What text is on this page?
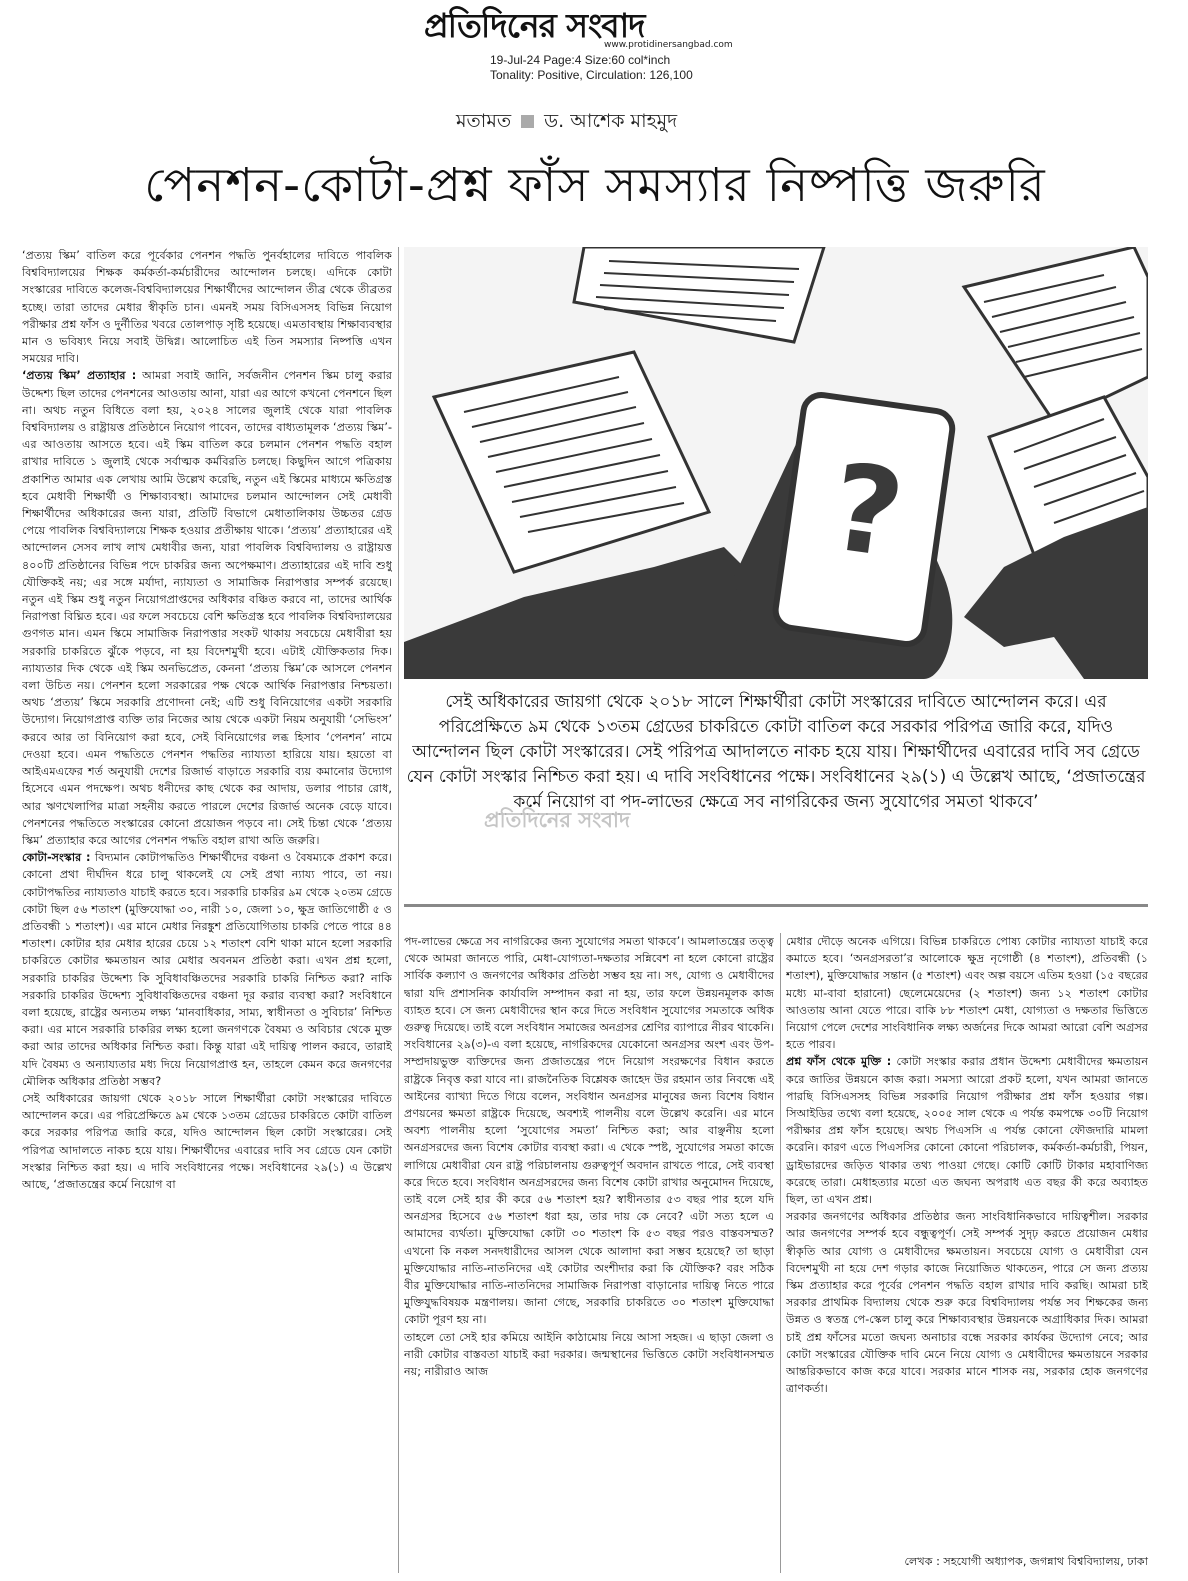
প্রতিদিনের সংবাদ
www.protidinersangbad.com
19-Jul-24 Page:4 Size:60 col*inch
Tonality: Positive, Circulation: 126,100
মতামত ড. আশেক মাহমুদ
পেনশন-কোটা-প্রশ্ন ফাঁস সমস্যার নিষ্পত্তি জরুরি

‘প্রত্যয় স্কিম’ বাতিল করে পূর্বেকার পেনশন পদ্ধতি পুনর্বহালের দাবিতে পাবলিক বিশ্ববিদ্যালয়ের শিক্ষক কর্মকর্তা-কর্মচারীদের আন্দোলন চলছে। এদিকে কোটা সংস্কারের দাবিতে কলেজ-বিশ্ববিদ্যালয়ের শিক্ষার্থীদের আন্দোলন তীব্র থেকে তীব্রতর হচ্ছে। তারা তাদের মেধার স্বীকৃতি চান। এমনই সময় বিসিএসসহ বিভিন্ন নিয়োগ পরীক্ষার প্রশ্ন ফাঁস ও দুর্নীতির খবরে তোলপাড় সৃষ্টি হয়েছে। এমতাবস্থায় শিক্ষাব্যবস্থার মান ও ভবিষ্যৎ নিয়ে সবাই উদ্বিগ্ন। আলোচিত এই তিন সমস্যার নিষ্পত্তি এখন সময়ের দাবি।

‘প্রত্যয় স্কিম’ প্রত্যাহার : আমরা সবাই জানি, সর্বজনীন পেনশন স্কিম চালু করার উদ্দেশ্য ছিল তাদের পেনশনের আওতায় আনা, যারা এর আগে কখনো পেনশনে ছিল না। অথচ নতুন বিধিতে বলা হয়, ২০২৪ সালের জুলাই থেকে যারা পাবলিক বিশ্ববিদ্যালয় ও রাষ্ট্রায়ত্ত প্রতিষ্ঠানে নিয়োগ পাবেন, তাদের বাধ্যতামূলক ‘প্রত্যয় স্কিম’-এর আওতায় আসতে হবে। এই স্কিম বাতিল করে চলমান পেনশন পদ্ধতি বহাল রাখার দাবিতে ১ জুলাই থেকে সর্বাত্মক কর্মবিরতি চলছে। কিছুদিন আগে পত্রিকায় প্রকাশিত আমার এক লেখায় আমি উল্লেখ করেছি, নতুন এই স্কিমের মাধ্যমে ক্ষতিগ্রস্ত হবে মেধাবী শিক্ষার্থী ও শিক্ষাব্যবস্থা। আমাদের চলমান আন্দোলন সেই মেধাবী শিক্ষার্থীদের অধিকারের জন্য যারা, প্রতিটি বিভাগে মেধাতালিকায় উচ্চতর গ্রেড পেয়ে পাবলিক বিশ্ববিদ্যালয়ে শিক্ষক হওয়ার প্রতীক্ষায় থাকে। ‘প্রত্যয়’ প্রত্যাহারের এই আন্দোলন সেসব লাখ লাখ মেধাবীর জন্য, যারা পাবলিক বিশ্ববিদ্যালয় ও রাষ্ট্রায়ত্ত ৪০০টি প্রতিষ্ঠানের বিভিন্ন পদে চাকরির জন্য অপেক্ষমাণ। প্রত্যাহারের এই দাবি শুধু যৌক্তিকই নয়; এর সঙ্গে মর্যাদা, ন্যায্যতা ও সামাজিক নিরাপত্তার সম্পর্ক রয়েছে। নতুন এই স্কিম শুধু নতুন নিয়োগপ্রাপ্তদের অধিকার বঞ্চিত করবে না, তাদের আর্থিক নিরাপত্তা বিঘ্নিত হবে। এর ফলে সবচেয়ে বেশি ক্ষতিগ্রস্ত হবে পাবলিক বিশ্ববিদ্যালয়ের গুণগত মান। এমন স্কিমে সামাজিক নিরাপত্তার সংকট থাকায় সবচেয়ে মেধাবীরা হয় সরকারি চাকরিতে ঝুঁকে পড়বে, না হয় বিদেশমুখী হবে। এটাই যৌক্তিকতার দিক। ন্যায্যতার দিক থেকে এই স্কিম অনভিপ্রেত, কেননা ‘প্রত্যয় স্কিম’কে আসলে পেনশন বলা উচিত নয়। পেনশন হলো সরকারের পক্ষ থেকে আর্থিক নিরাপত্তার নিশ্চয়তা। অথচ ‘প্রত্যয়’ স্কিমে সরকারি প্রণোদনা নেই; এটি শুধু বিনিয়োগের একটা সরকারি উদ্যোগ। নিয়োগপ্রাপ্ত ব্যক্তি তার নিজের আয় থেকে একটা নিয়ম অনুযায়ী ‘সেভিংস’ করবে আর তা বিনিয়োগ করা হবে, সেই বিনিয়োগের লব্ধ হিসাব ‘পেনশন’ নামে দেওয়া হবে। এমন পদ্ধতিতে পেনশন পদ্ধতির ন্যায্যতা হারিয়ে যায়। হয়তো বা আইএমএফের শর্ত অনুযায়ী দেশের রিজার্ভ বাড়াতে সরকারি ব্যয় কমানোর উদ্যোগ হিসেবে এমন পদক্ষেপ। অথচ ধনীদের কাছ থেকে কর আদায়, ডলার পাচার রোধ, আর ঋণখেলাপির মাত্রা সহনীয় করতে পারলে দেশের রিজার্ভ অনেক বেড়ে যাবে। পেনশনের পদ্ধতিতে সংস্কারের কোনো প্রয়োজন পড়বে না। সেই চিন্তা থেকে ‘প্রত্যয় স্কিম’ প্রত্যাহার করে আগের পেনশন পদ্ধতি বহাল রাখা অতি জরুরি।

কোটা-সংস্কার : বিদ্যমান কোটাপদ্ধতিও শিক্ষার্থীদের বঞ্চনা ও বৈষম্যকে প্রকাশ করে। কোনো প্রথা দীর্ঘদিন ধরে চালু থাকলেই যে সেই প্রথা ন্যায্য পাবে, তা নয়। কোটাপদ্ধতির ন্যায্যতাও যাচাই করতে হবে। সরকারি চাকরির ৯ম থেকে ২০তম গ্রেডে কোটা ছিল ৫৬ শতাংশ (মুক্তিযোদ্ধা ৩০, নারী ১০, জেলা ১০, ক্ষুদ্র জাতিগোষ্ঠী ৫ ও প্রতিবন্ধী ১ শতাংশ)। এর মানে মেধার নিরঙ্কুশ প্রতিযোগিতায় চাকরি পেতে পারে ৪৪ শতাংশ। কোটার হার মেধার হারের চেয়ে ১২ শতাংশ বেশি থাকা মানে হলো সরকারি চাকরিতে কোটার ক্ষমতায়ন আর মেধার অবনমন প্রতিষ্ঠা করা। এখন প্রশ্ন হলো, সরকারি চাকরির উদ্দেশ্য কি সুবিধাবঞ্চিতদের সরকারি চাকরি নিশ্চিত করা? নাকি সরকারি চাকরির উদ্দেশ্য সুবিধাবঞ্চিতদের বঞ্চনা দূর করার ব্যবস্থা করা? সংবিধানে বলা হয়েছে, রাষ্ট্রের অন্যতম লক্ষ্য ‘মানবাধিকার, সাম্য, স্বাধীনতা ও সুবিচার’ নিশ্চিত করা। এর মানে সরকারি চাকরির লক্ষ্য হলো জনগণকে বৈষম্য ও অবিচার থেকে মুক্ত করা আর তাদের অধিকার নিশ্চিত করা। কিন্তু যারা এই দায়িত্ব পালন করবে, তারাই যদি বৈষম্য ও অন্যায্যতার মধ্য দিয়ে নিয়োগপ্রাপ্ত হন, তাহলে কেমন করে জনগণের মৌলিক অধিকার প্রতিষ্ঠা সম্ভব?

সেই অধিকারের জায়গা থেকে ২০১৮ সালে শিক্ষার্থীরা কোটা সংস্কারের দাবিতে আন্দোলন করে। এর পরিপ্রেক্ষিতে ৯ম থেকে ১৩তম গ্রেডের চাকরিতে কোটা বাতিল করে সরকার পরিপত্র জারি করে, যদিও আন্দোলন ছিল কোটা সংস্কারের। সেই পরিপত্র আদালতে নাকচ হয়ে যায়। শিক্ষার্থীদের এবারের দাবি সব গ্রেডে যেন কোটা সংস্কার নিশ্চিত করা হয়। এ দাবি সংবিধানের পক্ষে। সংবিধানের ২৯(১) এ উল্লেখ আছে, ‘প্রজাতন্ত্রের কর্মে নিয়োগ বা

?
সেই অধিকারের জায়গা থেকে ২০১৮ সালে শিক্ষার্থীরা কোটা সংস্কারের দাবিতে আন্দোলন করে। এর পরিপ্রেক্ষিতে ৯ম থেকে ১৩তম গ্রেডের চাকরিতে কোটা বাতিল করে সরকার পরিপত্র জারি করে, যদিও আন্দোলন ছিল কোটা সংস্কারের। সেই পরিপত্র আদালতে নাকচ হয়ে যায়। শিক্ষার্থীদের এবারের দাবি সব গ্রেডে যেন কোটা সংস্কার নিশ্চিত করা হয়। এ দাবি সংবিধানের পক্ষে। সংবিধানের ২৯(১) এ উল্লেখ আছে, ‘প্রজাতন্ত্রের কর্মে নিয়োগ বা পদ-লাভের ক্ষেত্রে সব নাগরিকের জন্য সুযোগের সমতা থাকবে’
প্রতিদিনের সংবাদ

পদ-লাভের ক্ষেত্রে সব নাগরিকের জন্য সুযোগের সমতা থাকবে’। আমলাতন্ত্রের তত্ত্ব থেকে আমরা জানতে পারি, মেধা-যোগ্যতা-দক্ষতার সন্নিবেশ না হলে কোনো রাষ্ট্রের সার্বিক কল্যাণ ও জনগণের অধিকার প্রতিষ্ঠা সম্ভব হয় না। সৎ, যোগ্য ও মেধাবীদের দ্বারা যদি প্রশাসনিক কার্যাবলি সম্পাদন করা না হয়, তার ফলে উন্নয়নমূলক কাজ ব্যাহত হবে। সে জন্য মেধাবীদের স্থান করে দিতে সংবিধান সুযোগের সমতাকে অধিক গুরুত্ব দিয়েছে। তাই বলে সংবিধান সমাজের অনগ্রসর শ্রেণির ব্যাপারে নীরব থাকেনি। সংবিধানের ২৯(৩)-এ বলা হয়েছে, নাগরিকদের যেকোনো অনগ্রসর অংশ এবং উপ-সম্প্রদায়ভুক্ত ব্যক্তিদের জন্য প্রজাতন্ত্রের পদে নিয়োগ সংরক্ষণের বিধান করতে রাষ্ট্রকে নিবৃত্ত করা যাবে না। রাজনৈতিক বিশ্লেষক জাহেদ উর রহমান তার নিবন্ধে এই আইনের ব্যাখ্যা দিতে গিয়ে বলেন, সংবিধান অনগ্রসর মানুষের জন্য বিশেষ বিধান প্রণয়নের ক্ষমতা রাষ্ট্রকে দিয়েছে, অবশ্যই পালনীয় বলে উল্লেখ করেনি। এর মানে অবশ্য পালনীয় হলো ‘সুযোগের সমতা’ নিশ্চিত করা; আর বাঞ্ছনীয় হলো অনগ্রসরদের জন্য বিশেষ কোটার ব্যবস্থা করা। এ থেকে স্পষ্ট, সুযোগের সমতা কাজে লাগিয়ে মেধাবীরা যেন রাষ্ট্র পরিচালনায় গুরুত্বপূর্ণ অবদান রাখতে পারে, সেই ব্যবস্থা করে দিতে হবে। সংবিধান অনগ্রসরদের জন্য বিশেষ কোটা রাখার অনুমোদন দিয়েছে, তাই বলে সেই হার কী করে ৫৬ শতাংশ হয়? স্বাধীনতার ৫৩ বছর পার হলে যদি অনগ্রসর হিসেবে ৫৬ শতাংশ ধরা হয়, তার দায় কে নেবে? এটা সত্য হলে এ আমাদের ব্যর্থতা। মুক্তিযোদ্ধা কোটা ৩০ শতাংশ কি ৫৩ বছর পরও বাস্তবসম্মত? এখনো কি নকল সনদধারীদের আসল থেকে আলাদা করা সম্ভব হয়েছে? তা ছাড়া মুক্তিযোদ্ধার নাতি-নাতনিদের এই কোটার অংশীদার করা কি যৌক্তিক? বরং সঠিক বীর মুক্তিযোদ্ধার নাতি-নাতনিদের সামাজিক নিরাপত্তা বাড়ানোর দায়িত্ব নিতে পারে মুক্তিযুদ্ধবিষয়ক মন্ত্রণালয়। জানা গেছে, সরকারি চাকরিতে ৩০ শতাংশ মুক্তিযোদ্ধা কোটা পূরণ হয় না।

তাহলে তো সেই হার কমিয়ে আইনি কাঠামোয় নিয়ে আসা সহজ। এ ছাড়া জেলা ও নারী কোটার বাস্তবতা যাচাই করা দরকার। জন্মস্থানের ভিত্তিতে কোটা সংবিধানসম্মত নয়; নারীরাও আজ

মেধার দৌড়ে অনেক এগিয়ে। বিভিন্ন চাকরিতে পোষ্য কোটার ন্যায্যতা যাচাই করে কমাতে হবে। ‘অনগ্রসরতা’র আলোকে ক্ষুদ্র নৃগোষ্ঠী (৪ শতাংশ), প্রতিবন্ধী (১ শতাংশ), মুক্তিযোদ্ধার সন্তান (৫ শতাংশ) এবং অল্প বয়সে এতিম হওয়া (১৫ বছরের মধ্যে মা-বাবা হারানো) ছেলেমেয়েদের (২ শতাংশ) জন্য ১২ শতাংশ কোটার আওতায় আনা যেতে পারে। বাকি ৮৮ শতাংশ মেধা, যোগ্যতা ও দক্ষতার ভিত্তিতে নিয়োগ পেলে দেশের সাংবিধানিক লক্ষ্য অর্জনের দিকে আমরা আরো বেশি অগ্রসর হতে পারব।

প্রশ্ন ফাঁস থেকে মুক্তি : কোটা সংস্কার করার প্রধান উদ্দেশ্য মেধাবীদের ক্ষমতায়ন করে জাতির উন্নয়নে কাজ করা। সমস্যা আরো প্রকট হলো, যখন আমরা জানতে পারছি বিসিএসসহ বিভিন্ন সরকারি নিয়োগ পরীক্ষার প্রশ্ন ফাঁস হওয়ার গল্প। সিআইডির তথ্যে বলা হয়েছে, ২০০৫ সাল থেকে এ পর্যন্ত কমপক্ষে ৩০টি নিয়োগ পরীক্ষার প্রশ্ন ফাঁস হয়েছে। অথচ পিএসসি এ পর্যন্ত কোনো ফৌজদারি মামলা করেনি। কারণ এতে পিএসসির কোনো কোনো পরিচালক, কর্মকর্তা-কর্মচারী, পিয়ন, ড্রাইভারদের জড়িত থাকার তথ্য পাওয়া গেছে। কোটি কোটি টাকার মহাবাণিজ্য করেছে তারা। মেধাহত্যার মতো এত জঘন্য অপরাধ এত বছর কী করে অব্যাহত ছিল, তা এখন প্রশ্ন।

সরকার জনগণের অধিকার প্রতিষ্ঠার জন্য সাংবিধানিকভাবে দায়িত্বশীল। সরকার আর জনগণের সম্পর্ক হবে বন্ধুত্বপূর্ণ। সেই সম্পর্ক সুদৃঢ় করতে প্রয়োজন মেধার স্বীকৃতি আর যোগ্য ও মেধাবীদের ক্ষমতায়ন। সবচেয়ে যোগ্য ও মেধাবীরা যেন বিদেশমুখী না হয়ে দেশ গড়ার কাজে নিয়োজিত থাকতেন, পারে সে জন্য প্রত্যয় স্কিম প্রত্যাহার করে পূর্বের পেনশন পদ্ধতি বহাল রাখার দাবি করছি। আমরা চাই সরকার প্রাথমিক বিদ্যালয় থেকে শুরু করে বিশ্ববিদ্যালয় পর্যন্ত সব শিক্ষকের জন্য উন্নত ও স্বতন্ত্র পে-স্কেল চালু করে শিক্ষাব্যবস্থার উন্নয়নকে অগ্রাধিকার দিক। আমরা চাই প্রশ্ন ফাঁসের মতো জঘন্য অনাচার বন্ধে সরকার কার্যকর উদ্যোগ নেবে; আর কোটা সংস্কারের যৌক্তিক দাবি মেনে নিয়ে যোগ্য ও মেধাবীদের ক্ষমতায়নে সরকার আন্তরিকভাবে কাজ করে যাবে। সরকার মানে শাসক নয়, সরকার হোক জনগণের ত্রাণকর্তা।

লেখক : সহযোগী অধ্যাপক, জগন্নাথ বিশ্ববিদ্যালয়, ঢাকা
